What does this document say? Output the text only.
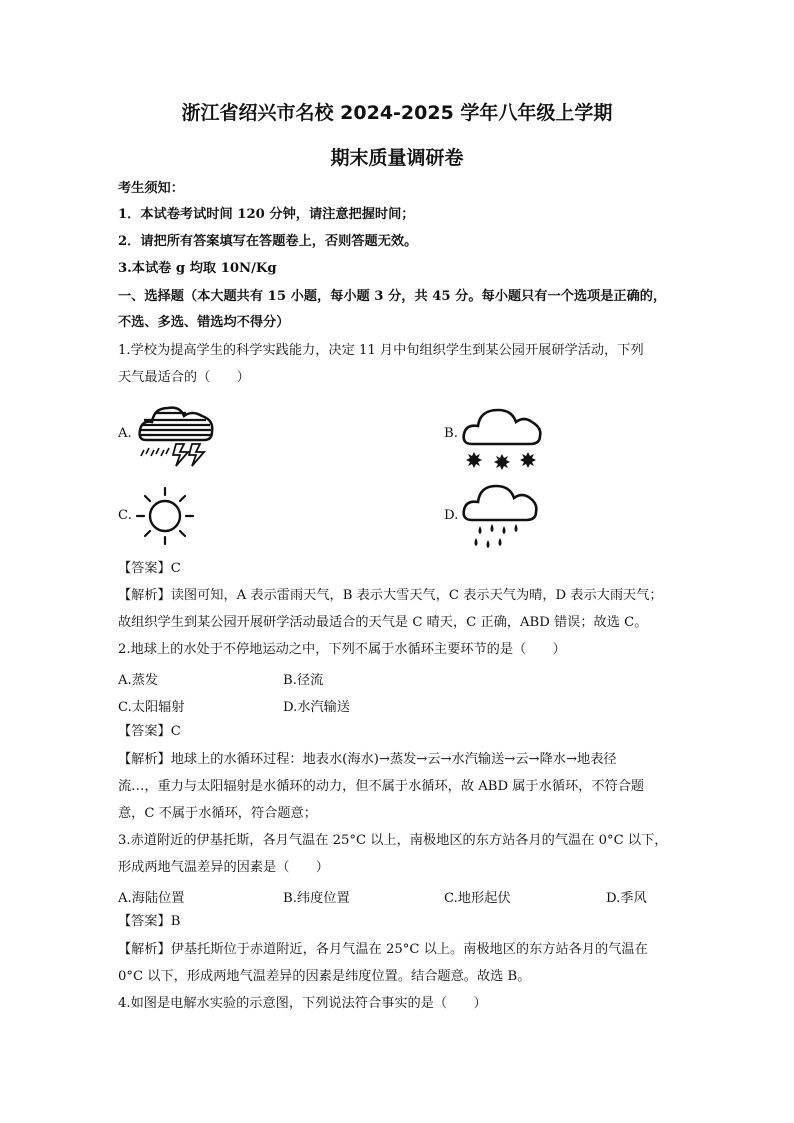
浙江省绍兴市名校 2024-2025 学年八年级上学期
期末质量调研卷
考生须知：
1．本试卷考试时间 120 分钟，请注意把握时间；
2．请把所有答案填写在答题卷上，否则答题无效。
3.本试卷 g 均取 10N/Kg
一、选择题（本大题共有 15 小题，每小题 3 分，共 45 分。每小题只有一个选项是正确的，
不选、多选、错选均不得分）
1.学校为提高学生的科学实践能力，决定 11 月中旬组织学生到某公园开展研学活动，下列
天气最适合的（　　）
A.	B.
C.	D.
【答案】C
【解析】读图可知，A 表示雷雨天气，B 表示大雪天气，C 表示天气为晴，D 表示大雨天气；
故组织学生到某公园开展研学活动最适合的天气是 C 晴天，C 正确，ABD 错误；故选 C。
2.地球上的水处于不停地运动之中，下列不属于水循环主要环节的是（　　）
A.蒸发	B.径流
C.太阳辐射	D.水汽输送
【答案】C
【解析】地球上的水循环过程：地表水(海水)→蒸发→云→水汽输送→云→降水→地表径
流…，重力与太阳辐射是水循环的动力，但不属于水循环，故 ABD 属于水循环，不符合题
意，C 不属于水循环，符合题意；
3.赤道附近的伊基托斯，各月气温在 25°C 以上，南极地区的东方站各月的气温在 0°C 以下，
形成两地气温差异的因素是（　　）
A.海陆位置	B.纬度位置	C.地形起伏	D.季风
【答案】B
【解析】伊基托斯位于赤道附近，各月气温在 25°C 以上。南极地区的东方站各月的气温在
0°C 以下，形成两地气温差异的因素是纬度位置。结合题意。故选 B。
4.如图是电解水实验的示意图，下列说法符合事实的是（　　）
